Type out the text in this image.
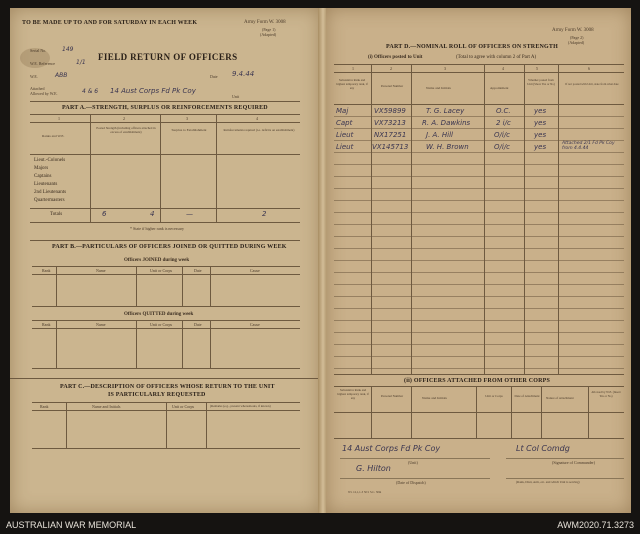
TO BE MADE UP TO AND FOR SATURDAY IN EACH WEEK	Army Form W. 3008
(Page 1)
(Adapted)
FIELD RETURN OF OFFICERS
Serial No.	149
W.E. Reference	1/1
W.E.	ABB
Attached
Allowed by W.E.	4 & 6
Date 9.4.44
14 Aust Corps Fd Pk Coy
Unit
PART A.—STRENGTH, SURPLUS OR REINFORCEMENTS REQUIRED
1	2	3	4
Ranks and W.E.
Posted Strength (including officers attached in excess of establishment)	Surplus to Establishment	Reinforcements required (i.e. deficits on establishment)
Lieut.-Colonels
Majors
Captains
Lieutenants
2nd Lieutenants
Quartermasters
Totals	6	4	—	2
* State if higher rank is necessary
PART B.—PARTICULARS OF OFFICERS JOINED OR QUITTED DURING WEEK
Officers JOINED during week
Rank	Name	Unit or Corps	Date	Cause
Officers QUITTED during week
Rank	Name	Unit or Corps	Date	Cause
PART C.—DESCRIPTION OF OFFICERS WHOSE RETURN TO THE UNIT
IS PARTICULARLY REQUESTED
Rank	Name and Initials	Unit or Corps	(Remarks (e.g., present whereabouts, if known)
Army Form W. 3008
(Page 2)
(Adapted)
PART D.—NOMINAL ROLL OF OFFICERS ON STRENGTH
(i) Officers posted to Unit	(Total to agree with column 2 of Part A)
1	2	3	4	5	6
Substantive Rank and highest temporary rank, if any	Personal Number	Name and Initials	Appointment
Whether posted from Unit (Show Yes or No)	If not posted with Unit, state from what date
Maj	VX59899	T. G. Lacey	O.C.	yes
Capt	VX73213 R. A. Dawkins	2 i/c	yes
Lieut	NX17251	J. A. Hill	O/i/c	yes
Lieut	VX145713	W. H. Brown	O/i/c	yes	Attached 2/1 Fd Pk Coy from 4.4.44
(ii) OFFICERS ATTACHED FROM OTHER CORPS
Substantive Rank and highest temporary rank, if any	Personal Number	Name and Initials	Unit or Corps	Date of Attachment Nature of Attachment
Allowed by W.E. (Insert Yes or No)
14 Aust Corps Fd Pk Coy
(Unit)
G. Hilton
(Date of Dispatch)
Lt Col Comdg
(Signature of Commander)
(Rank, Distr, Arm, etc. and which Unit is serving)
Wt. 12,1,1-3 50/1 S.C. 30m
AUSTRALIAN WAR MEMORIAL	AWM2020.71.3273
